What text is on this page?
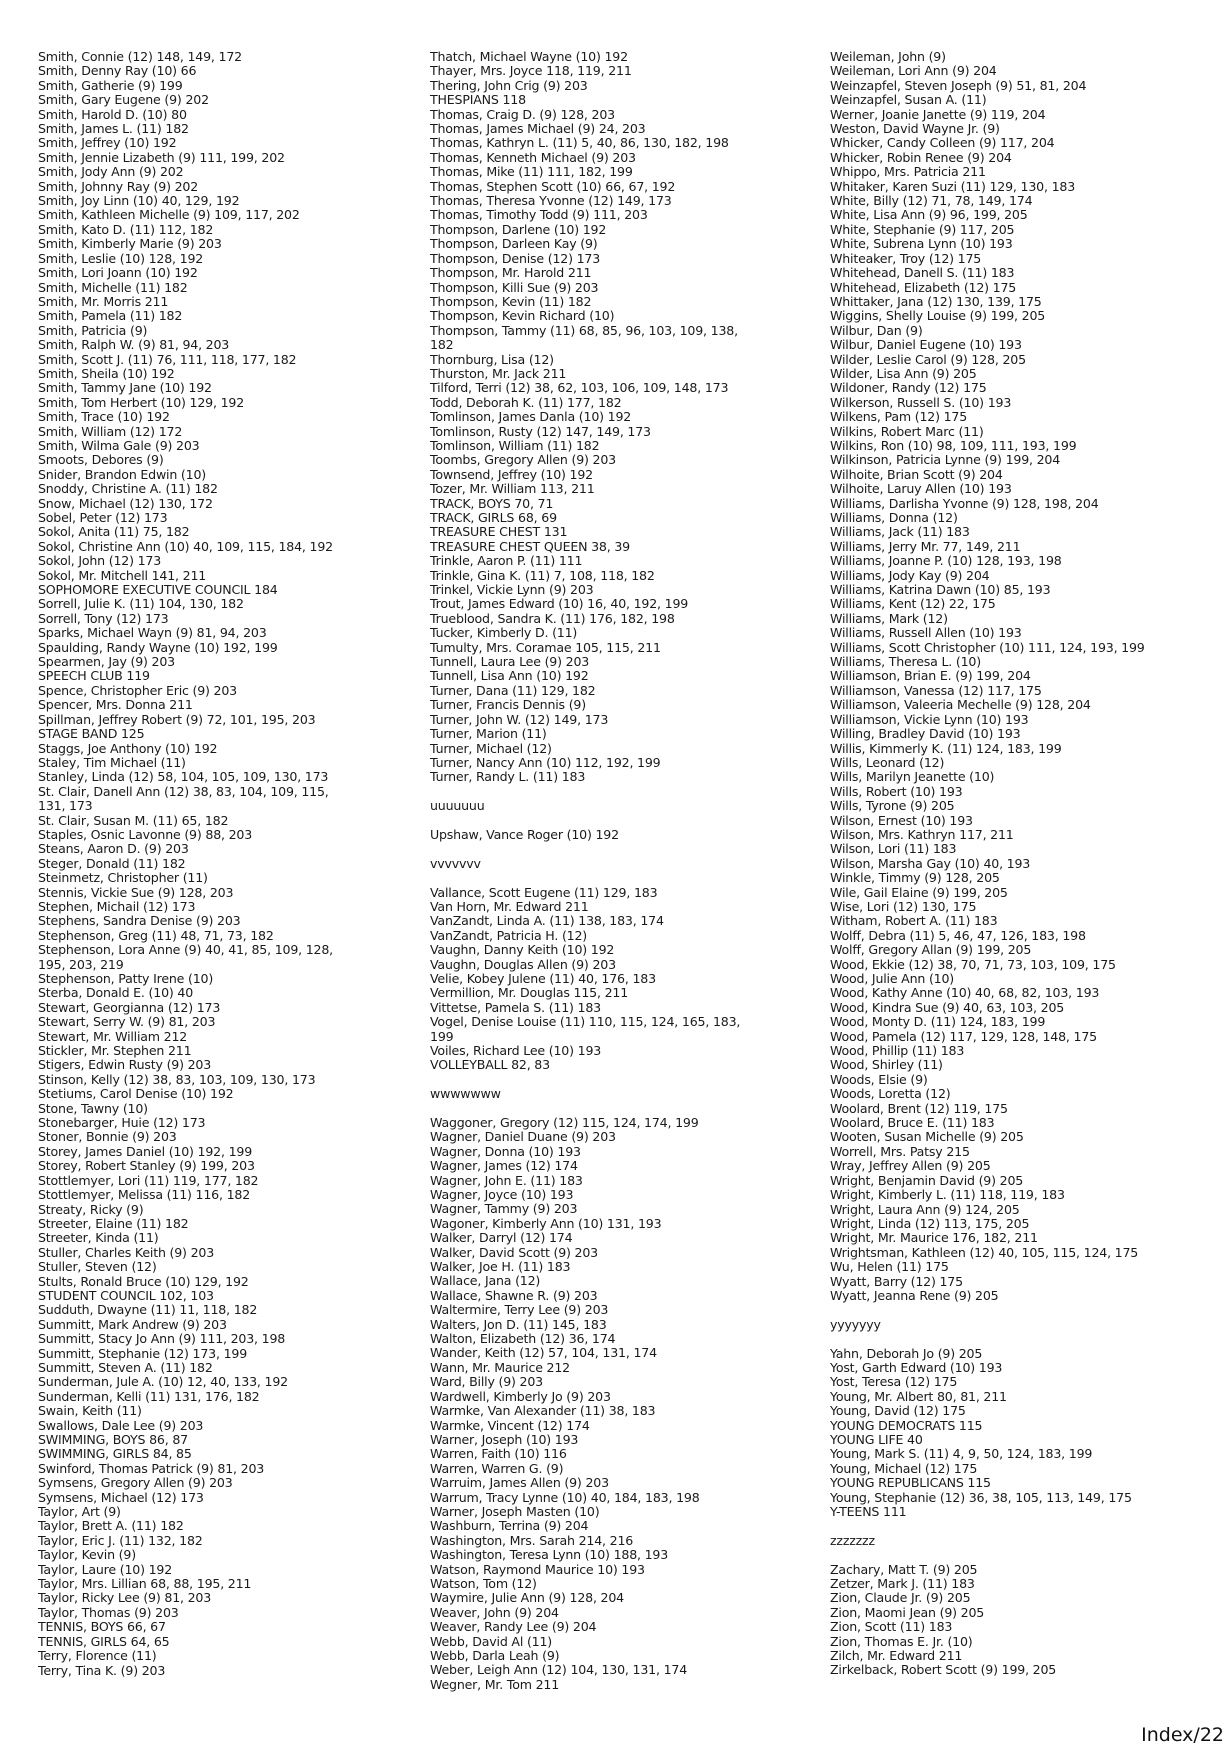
Smith, Connie (12) 148, 149, 172
Smith, Denny Ray (10) 66
Smith, Gatherie (9) 199
Smith, Gary Eugene (9) 202
Smith, Harold D. (10) 80
Smith, James L. (11) 182
Smith, Jeffrey (10) 192
Smith, Jennie Lizabeth (9) 111, 199, 202
Smith, Jody Ann (9) 202
Smith, Johnny Ray (9) 202
Smith, Joy Linn (10) 40, 129, 192
Smith, Kathleen Michelle (9) 109, 117, 202
Smith, Kato D. (11) 112, 182
Smith, Kimberly Marie (9) 203
Smith, Leslie (10) 128, 192
Smith, Lori Joann (10) 192
Smith, Michelle (11) 182
Smith, Mr. Morris 211
Smith, Pamela (11) 182
Smith, Patricia (9)
Smith, Ralph W. (9) 81, 94, 203
Smith, Scott J. (11) 76, 111, 118, 177, 182
Smith, Sheila (10) 192
Smith, Tammy Jane (10) 192
Smith, Tom Herbert (10) 129, 192
Smith, Trace (10) 192
Smith, William (12) 172
Smith, Wilma Gale (9) 203
Smoots, Debores (9)
Snider, Brandon Edwin (10)
Snoddy, Christine A. (11) 182
Snow, Michael (12) 130, 172
Sobel, Peter (12) 173
Sokol, Anita (11) 75, 182
Sokol, Christine Ann (10) 40, 109, 115, 184, 192
Sokol, John (12) 173
Sokol, Mr. Mitchell 141, 211
SOPHOMORE EXECUTIVE COUNCIL 184
Sorrell, Julie K. (11) 104, 130, 182
Sorrell, Tony (12) 173
Sparks, Michael Wayn (9) 81, 94, 203
Spaulding, Randy Wayne (10) 192, 199
Spearmen, Jay (9) 203
SPEECH CLUB 119
Spence, Christopher Eric (9) 203
Spencer, Mrs. Donna 211
Spillman, Jeffrey Robert (9) 72, 101, 195, 203
STAGE BAND 125
Staggs, Joe Anthony (10) 192
Staley, Tim Michael (11)
Stanley, Linda (12) 58, 104, 105, 109, 130, 173
St. Clair, Danell Ann (12) 38, 83, 104, 109, 115,
131, 173
St. Clair, Susan M. (11) 65, 182
Staples, Osnic Lavonne (9) 88, 203
Steans, Aaron D. (9) 203
Steger, Donald (11) 182
Steinmetz, Christopher (11)
Stennis, Vickie Sue (9) 128, 203
Stephen, Michail (12) 173
Stephens, Sandra Denise (9) 203
Stephenson, Greg (11) 48, 71, 73, 182
Stephenson, Lora Anne (9) 40, 41, 85, 109, 128,
195, 203, 219
Stephenson, Patty Irene (10)
Sterba, Donald E. (10) 40
Stewart, Georgianna (12) 173
Stewart, Serry W. (9) 81, 203
Stewart, Mr. William 212
Stickler, Mr. Stephen 211
Stigers, Edwin Rusty (9) 203
Stinson, Kelly (12) 38, 83, 103, 109, 130, 173
Stetiums, Carol Denise (10) 192
Stone, Tawny (10)
Stonebarger, Huie (12) 173
Stoner, Bonnie (9) 203
Storey, James Daniel (10) 192, 199
Storey, Robert Stanley (9) 199, 203
Stottlemyer, Lori (11) 119, 177, 182
Stottlemyer, Melissa (11) 116, 182
Streaty, Ricky (9)
Streeter, Elaine (11) 182
Streeter, Kinda (11)
Stuller, Charles Keith (9) 203
Stuller, Steven (12)
Stults, Ronald Bruce (10) 129, 192
STUDENT COUNCIL 102, 103
Sudduth, Dwayne (11) 11, 118, 182
Summitt, Mark Andrew (9) 203
Summitt, Stacy Jo Ann (9) 111, 203, 198
Summitt, Stephanie (12) 173, 199
Summitt, Steven A. (11) 182
Sunderman, Jule A. (10) 12, 40, 133, 192
Sunderman, Kelli (11) 131, 176, 182
Swain, Keith (11)
Swallows, Dale Lee (9) 203
SWIMMING, BOYS 86, 87
SWIMMING, GIRLS 84, 85
Swinford, Thomas Patrick (9) 81, 203
Symsens, Gregory Allen (9) 203
Symsens, Michael (12) 173
Taylor, Art (9)
Taylor, Brett A. (11) 182
Taylor, Eric J. (11) 132, 182
Taylor, Kevin (9)
Taylor, Laure (10) 192
Taylor, Mrs. Lillian 68, 88, 195, 211
Taylor, Ricky Lee (9) 81, 203
Taylor, Thomas (9) 203
TENNIS, BOYS 66, 67
TENNIS, GIRLS 64, 65
Terry, Florence (11)
Terry, Tina K. (9) 203
Thatch, Michael Wayne (10) 192
Thayer, Mrs. Joyce 118, 119, 211
Thering, John Crig (9) 203
THESPIANS 118
Thomas, Craig D. (9) 128, 203
Thomas, James Michael (9) 24, 203
Thomas, Kathryn L. (11) 5, 40, 86, 130, 182, 198
Thomas, Kenneth Michael (9) 203
Thomas, Mike (11) 111, 182, 199
Thomas, Stephen Scott (10) 66, 67, 192
Thomas, Theresa Yvonne (12) 149, 173
Thomas, Timothy Todd (9) 111, 203
Thompson, Darlene (10) 192
Thompson, Darleen Kay (9)
Thompson, Denise (12) 173
Thompson, Mr. Harold 211
Thompson, Killi Sue (9) 203
Thompson, Kevin (11) 182
Thompson, Kevin Richard (10)
Thompson, Tammy (11) 68, 85, 96, 103, 109, 138,
182
Thornburg, Lisa (12)
Thurston, Mr. Jack 211
Tilford, Terri (12) 38, 62, 103, 106, 109, 148, 173
Todd, Deborah K. (11) 177, 182
Tomlinson, James Danla (10) 192
Tomlinson, Rusty (12) 147, 149, 173
Tomlinson, William (11) 182
Toombs, Gregory Allen (9) 203
Townsend, Jeffrey (10) 192
Tozer, Mr. William 113, 211
TRACK, BOYS 70, 71
TRACK, GIRLS 68, 69
TREASURE CHEST 131
TREASURE CHEST QUEEN 38, 39
Trinkle, Aaron P. (11) 111
Trinkle, Gina K. (11) 7, 108, 118, 182
Trinkel, Vickie Lynn (9) 203
Trout, James Edward (10) 16, 40, 192, 199
Trueblood, Sandra K. (11) 176, 182, 198
Tucker, Kimberly D. (11)
Tumulty, Mrs. Coramae 105, 115, 211
Tunnell, Laura Lee (9) 203
Tunnell, Lisa Ann (10) 192
Turner, Dana (11) 129, 182
Turner, Francis Dennis (9)
Turner, John W. (12) 149, 173
Turner, Marion (11)
Turner, Michael (12)
Turner, Nancy Ann (10) 112, 192, 199
Turner, Randy L. (11) 183
uuuuuuu
Upshaw, Vance Roger (10) 192
vvvvvvv
Vallance, Scott Eugene (11) 129, 183
Van Horn, Mr. Edward 211
VanZandt, Linda A. (11) 138, 183, 174
VanZandt, Patricia H. (12)
Vaughn, Danny Keith (10) 192
Vaughn, Douglas Allen (9) 203
Velie, Kobey Julene (11) 40, 176, 183
Vermillion, Mr. Douglas 115, 211
Vittetse, Pamela S. (11) 183
Vogel, Denise Louise (11) 110, 115, 124, 165, 183,
199
Voiles, Richard Lee (10) 193
VOLLEYBALL 82, 83
wwwwwww
Waggoner, Gregory (12) 115, 124, 174, 199
Wagner, Daniel Duane (9) 203
Wagner, Donna (10) 193
Wagner, James (12) 174
Wagner, John E. (11) 183
Wagner, Joyce (10) 193
Wagner, Tammy (9) 203
Wagoner, Kimberly Ann (10) 131, 193
Walker, Darryl (12) 174
Walker, David Scott (9) 203
Walker, Joe H. (11) 183
Wallace, Jana (12)
Wallace, Shawne R. (9) 203
Waltermire, Terry Lee (9) 203
Walters, Jon D. (11) 145, 183
Walton, Elizabeth (12) 36, 174
Wander, Keith (12) 57, 104, 131, 174
Wann, Mr. Maurice 212
Ward, Billy (9) 203
Wardwell, Kimberly Jo (9) 203
Warmke, Van Alexander (11) 38, 183
Warmke, Vincent (12) 174
Warner, Joseph (10) 193
Warren, Faith (10) 116
Warren, Warren G. (9)
Warruim, James Allen (9) 203
Warrum, Tracy Lynne (10) 40, 184, 183, 198
Warner, Joseph Masten (10)
Washburn, Terrina (9) 204
Washington, Mrs. Sarah 214, 216
Washington, Teresa Lynn (10) 188, 193
Watson, Raymond Maurice 10) 193
Watson, Tom (12)
Waymire, Julie Ann (9) 128, 204
Weaver, John (9) 204
Weaver, Randy Lee (9) 204
Webb, David Al (11)
Webb, Darla Leah (9)
Weber, Leigh Ann (12) 104, 130, 131, 174
Wegner, Mr. Tom 211
Weileman, John (9)
Weileman, Lori Ann (9) 204
Weinzapfel, Steven Joseph (9) 51, 81, 204
Weinzapfel, Susan A. (11)
Werner, Joanie Janette (9) 119, 204
Weston, David Wayne Jr. (9)
Whicker, Candy Colleen (9) 117, 204
Whicker, Robin Renee (9) 204
Whippo, Mrs. Patricia 211
Whitaker, Karen Suzi (11) 129, 130, 183
White, Billy (12) 71, 78, 149, 174
White, Lisa Ann (9) 96, 199, 205
White, Stephanie (9) 117, 205
White, Subrena Lynn (10) 193
Whiteaker, Troy (12) 175
Whitehead, Danell S. (11) 183
Whitehead, Elizabeth (12) 175
Whittaker, Jana (12) 130, 139, 175
Wiggins, Shelly Louise (9) 199, 205
Wilbur, Dan (9)
Wilbur, Daniel Eugene (10) 193
Wilder, Leslie Carol (9) 128, 205
Wilder, Lisa Ann (9) 205
Wildoner, Randy (12) 175
Wilkerson, Russell S. (10) 193
Wilkens, Pam (12) 175
Wilkins, Robert Marc (11)
Wilkins, Ron (10) 98, 109, 111, 193, 199
Wilkinson, Patricia Lynne (9) 199, 204
Wilhoite, Brian Scott (9) 204
Wilhoite, Laruy Allen (10) 193
Williams, Darlisha Yvonne (9) 128, 198, 204
Williams, Donna (12)
Williams, Jack (11) 183
Williams, Jerry Mr. 77, 149, 211
Williams, Joanne P. (10) 128, 193, 198
Williams, Jody Kay (9) 204
Williams, Katrina Dawn (10) 85, 193
Williams, Kent (12) 22, 175
Williams, Mark (12)
Williams, Russell Allen (10) 193
Williams, Scott Christopher (10) 111, 124, 193, 199
Williams, Theresa L. (10)
Williamson, Brian E. (9) 199, 204
Williamson, Vanessa (12) 117, 175
Williamson, Valeeria Mechelle (9) 128, 204
Williamson, Vickie Lynn (10) 193
Willing, Bradley David (10) 193
Willis, Kimmerly K. (11) 124, 183, 199
Wills, Leonard (12)
Wills, Marilyn Jeanette (10)
Wills, Robert (10) 193
Wills, Tyrone (9) 205
Wilson, Ernest (10) 193
Wilson, Mrs. Kathryn 117, 211
Wilson, Lori (11) 183
Wilson, Marsha Gay (10) 40, 193
Winkle, Timmy (9) 128, 205
Wile, Gail Elaine (9) 199, 205
Wise, Lori (12) 130, 175
Witham, Robert A. (11) 183
Wolff, Debra (11) 5, 46, 47, 126, 183, 198
Wolff, Gregory Allan (9) 199, 205
Wood, Ekkie (12) 38, 70, 71, 73, 103, 109, 175
Wood, Julie Ann (10)
Wood, Kathy Anne (10) 40, 68, 82, 103, 193
Wood, Kindra Sue (9) 40, 63, 103, 205
Wood, Monty D. (11) 124, 183, 199
Wood, Pamela (12) 117, 129, 128, 148, 175
Wood, Phillip (11) 183
Wood, Shirley (11)
Woods, Elsie (9)
Woods, Loretta (12)
Woolard, Brent (12) 119, 175
Woolard, Bruce E. (11) 183
Wooten, Susan Michelle (9) 205
Worrell, Mrs. Patsy 215
Wray, Jeffrey Allen (9) 205
Wright, Benjamin David (9) 205
Wright, Kimberly L. (11) 118, 119, 183
Wright, Laura Ann (9) 124, 205
Wright, Linda (12) 113, 175, 205
Wright, Mr. Maurice 176, 182, 211
Wrightsman, Kathleen (12) 40, 105, 115, 124, 175
Wu, Helen (11) 175
Wyatt, Barry (12) 175
Wyatt, Jeanna Rene (9) 205
yyyyyyy
Yahn, Deborah Jo (9) 205
Yost, Garth Edward (10) 193
Yost, Teresa (12) 175
Young, Mr. Albert 80, 81, 211
Young, David (12) 175
YOUNG DEMOCRATS 115
YOUNG LIFE 40
Young, Mark S. (11) 4, 9, 50, 124, 183, 199
Young, Michael (12) 175
YOUNG REPUBLICANS 115
Young, Stephanie (12) 36, 38, 105, 113, 149, 175
Y-TEENS 111
zzzzzzz
Zachary, Matt T. (9) 205
Zetzer, Mark J. (11) 183
Zion, Claude Jr. (9) 205
Zion, Maomi Jean (9) 205
Zion, Scott (11) 183
Zion, Thomas E. Jr. (10)
Zilch, Mr. Edward 211
Zirkelback, Robert Scott (9) 199, 205
Index/22
